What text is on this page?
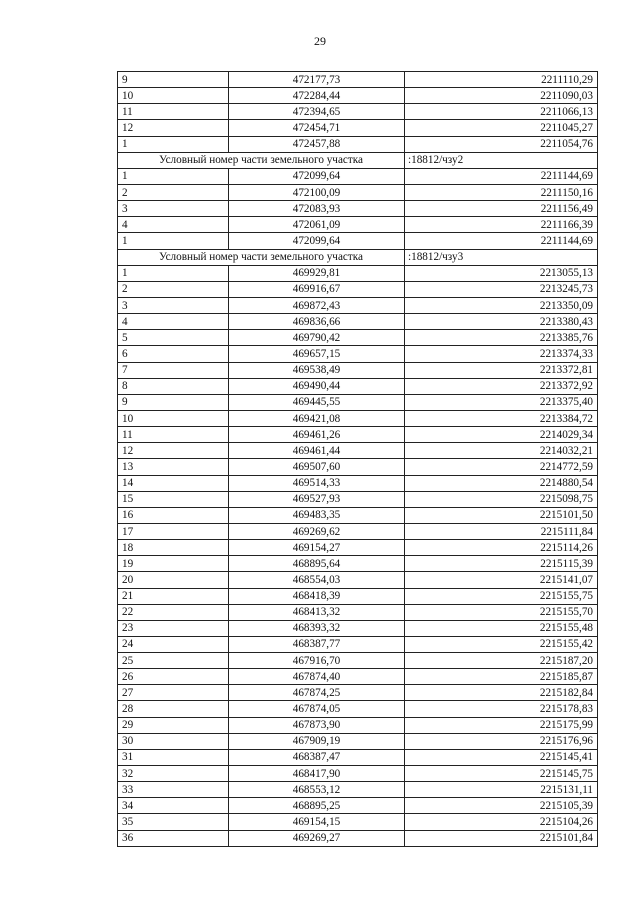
29
9	472177,73	2211110,29
10	472284,44	2211090,03
11	472394,65	2211066,13
12	472454,71	2211045,27
1	472457,88	2211054,76
Условный номер части земельного участка		:18812/чзу2
1	472099,64	2211144,69
2	472100,09	2211150,16
3	472083,93	2211156,49
4	472061,09	2211166,39
1	472099,64	2211144,69
Условный номер части земельного участка		:18812/чзу3
1	469929,81	2213055,13
2	469916,67	2213245,73
3	469872,43	2213350,09
4	469836,66	2213380,43
5	469790,42	2213385,76
6	469657,15	2213374,33
7	469538,49	2213372,81
8	469490,44	2213372,92
9	469445,55	2213375,40
10	469421,08	2213384,72
11	469461,26	2214029,34
12	469461,44	2214032,21
13	469507,60	2214772,59
14	469514,33	2214880,54
15	469527,93	2215098,75
16	469483,35	2215101,50
17	469269,62	2215111,84
18	469154,27	2215114,26
19	468895,64	2215115,39
20	468554,03	2215141,07
21	468418,39	2215155,75
22	468413,32	2215155,70
23	468393,32	2215155,48
24	468387,77	2215155,42
25	467916,70	2215187,20
26	467874,40	2215185,87
27	467874,25	2215182,84
28	467874,05	2215178,83
29	467873,90	2215175,99
30	467909,19	2215176,96
31	468387,47	2215145,41
32	468417,90	2215145,75
33	468553,12	2215131,11
34	468895,25	2215105,39
35	469154,15	2215104,26
36	469269,27	2215101,84
